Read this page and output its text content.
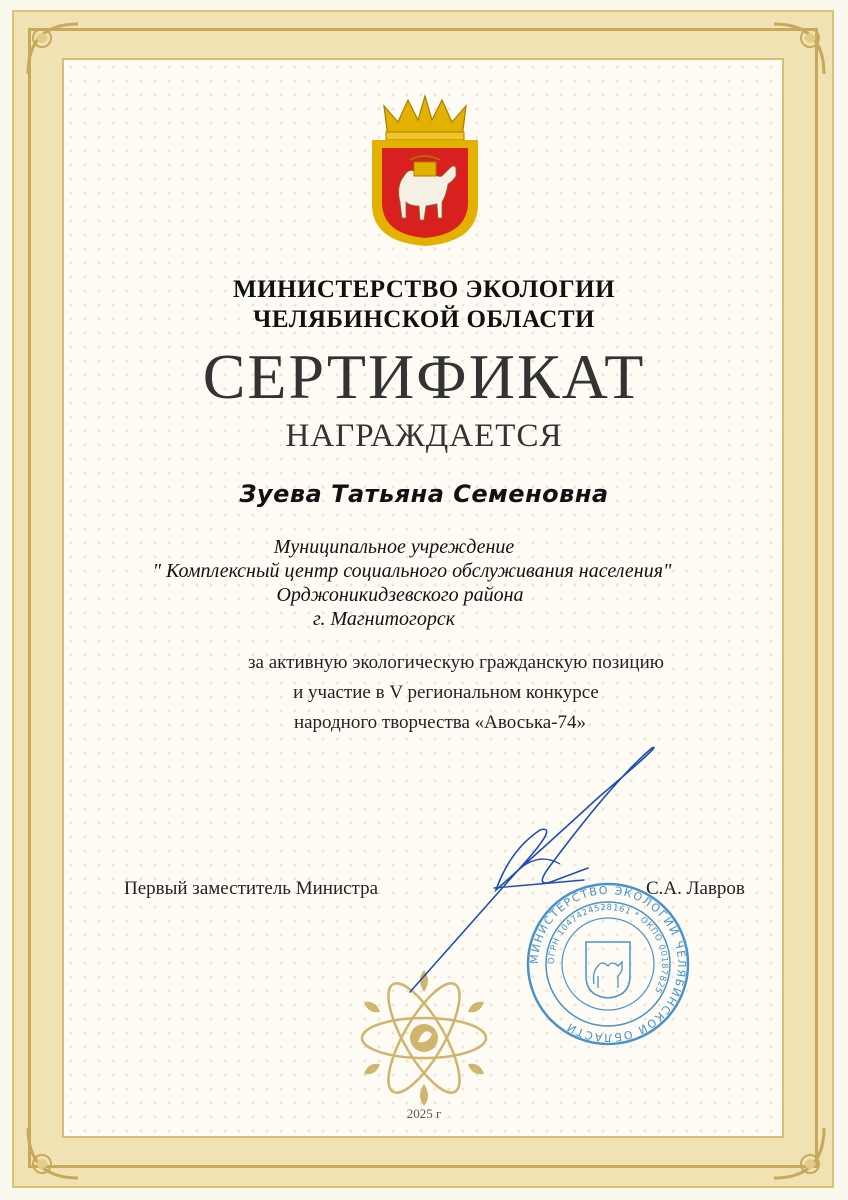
МИНИСТЕРСТВО ЭКОЛОГИИ
ЧЕЛЯБИНСКОЙ ОБЛАСТИ
СЕРТИФИКАТ
НАГРАЖДАЕТСЯ
Зуева Татьяна Семеновна
Муниципальное учреждение
" Комплексный центр социального обслуживания населения"
Орджоникидзевского района
г. Магнитогорск
за активную экологическую гражданскую позицию
и участие в V региональном конкурсе
народного творчества «Авоська-74»
МИНИСТЕРСТВО ЭКОЛОГИИ ЧЕЛЯБИНСКОЙ ОБЛАСТИ
ОГРН 1047424528161 * ОКПО 00187825
Первый заместитель Министра	С.А. Лавров
2025 г
